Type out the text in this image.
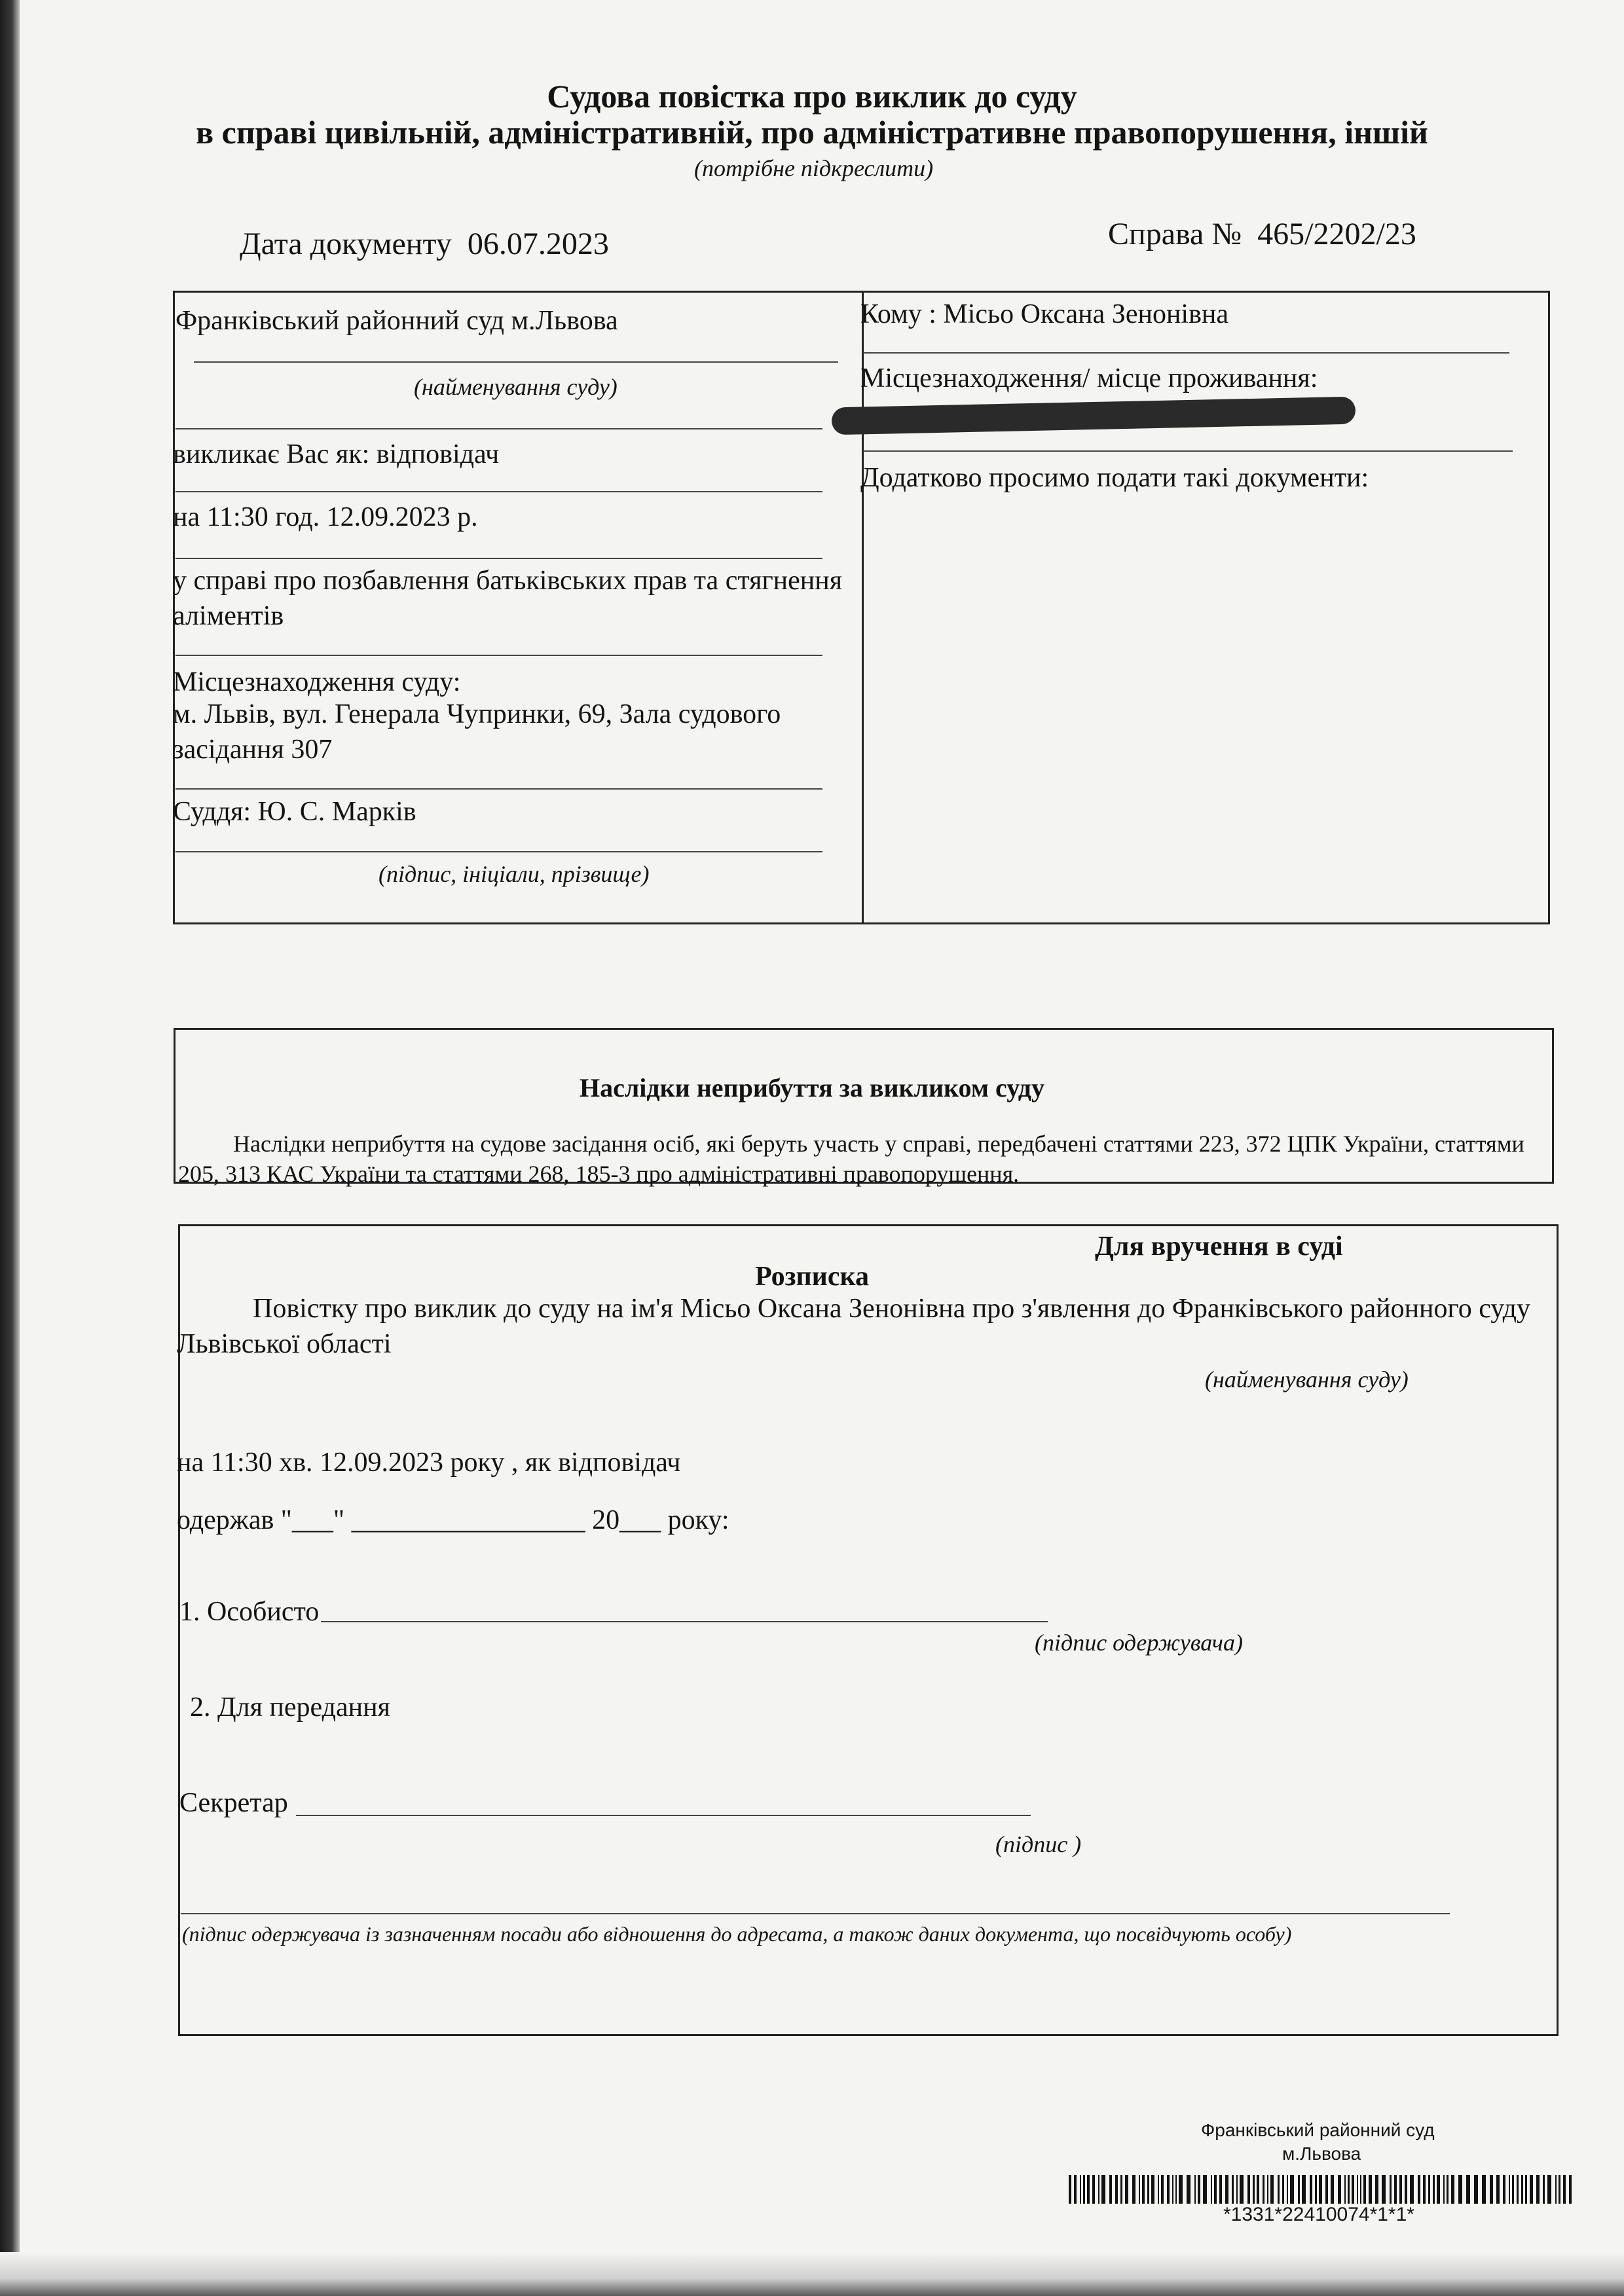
Судова повістка про виклик до суду
в справі цивільній, адміністративній, про адміністративне правопорушення, іншій
(потрібне підкреслити)
Дата документу 06.07.2023	Справа № 465/2202/23
Франківський районний суд м.Львова
(найменування суду)
викликає Вас як: відповідач
на 11:30 год. 12.09.2023 р.
у справі про позбавлення батьківських прав та стягнення аліментів
Місцезнаходження суду:
м. Львів, вул. Генерала Чупринки, 69, Зала судового засідання 307
Суддя: Ю. С. Марків
(підпис, ініціали, прізвище)
Кому : Місьо Оксана Зенонівна
Місцезнаходження/ місце проживання:
Додатково просимо подати такі документи:
Наслідки неприбуття за викликом суду
Наслідки неприбуття на судове засідання осіб, які беруть участь у справі, передбачені статтями 223, 372 ЦПК України, статтями 205, 313 КАС України та статтями 268, 185-3 про адміністративні правопорушення.
Для вручення в суді
Розписка
Повістку про виклик до суду на ім'я Місьо Оксана Зенонівна про з'явлення до Франківського районного суду Львівської області
(найменування суду)
на 11:30 хв. 12.09.2023 року , як відповідач
одержав "___" _________________ 20___ року:
1. Особисто
(підпис одержувача)
2. Для передання
Секретар
(підпис )
(підпис одержувача із зазначенням посади або відношення до адресата, а також даних документа, що посвідчують особу)
Франківський районний суд
м.Львова
*1331*22410074*1*1*
